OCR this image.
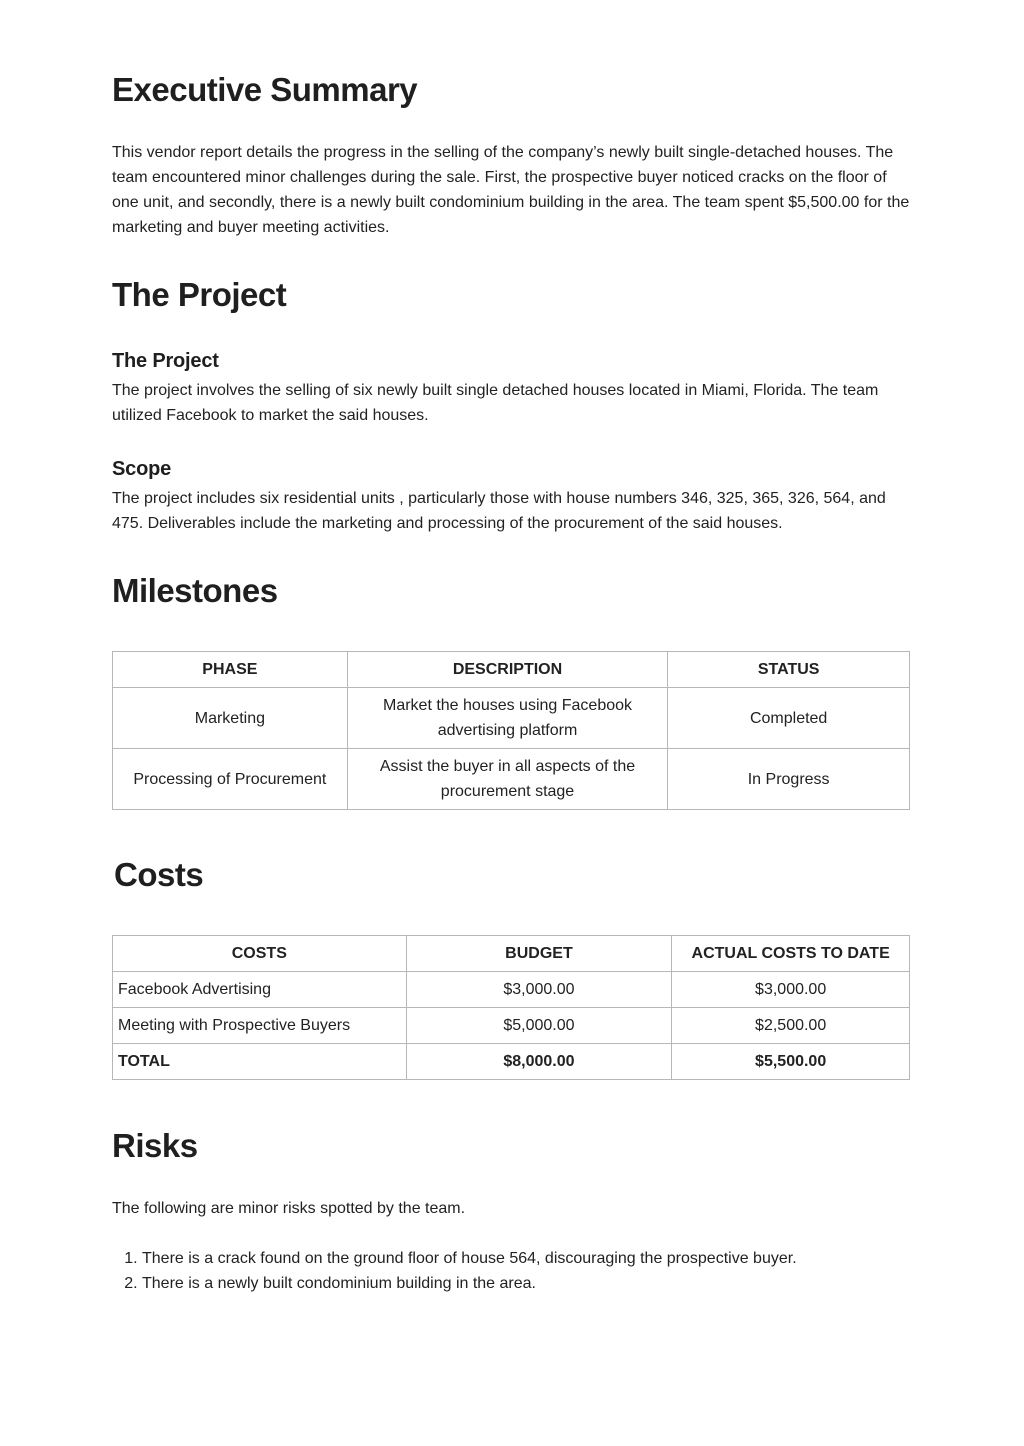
Executive Summary

This vendor report details the progress in the selling of the company’s newly built single-detached houses. The team encountered minor challenges during the sale. First, the prospective buyer noticed cracks on the floor of one unit, and secondly, there is a newly built condominium building in the area. The team spent $5,500.00 for the marketing and buyer meeting activities.

The Project
The Project

The project involves the selling of six newly built single detached houses located in Miami, Florida. The team utilized Facebook to market the said houses.

Scope

The project includes six residential units , particularly those with house numbers 346, 325, 365, 326, 564, and 475. Deliverables include the marketing and processing of the procurement of the said houses.

Milestones
PHASE	DESCRIPTION	STATUS
Marketing	Market the houses using Facebook advertising platform	Completed
Processing of Procurement	Assist the buyer in all aspects of the procurement stage	In Progress
Costs
COSTS	BUDGET	ACTUAL COSTS TO DATE
Facebook Advertising	$3,000.00	$3,000.00
Meeting with Prospective Buyers	$5,000.00	$2,500.00
TOTAL	$8,000.00	$5,500.00
Risks

The following are minor risks spotted by the team.

1. There is a crack found on the ground floor of house 564, discouraging the prospective buyer.
2. There is a newly built condominium building in the area.
